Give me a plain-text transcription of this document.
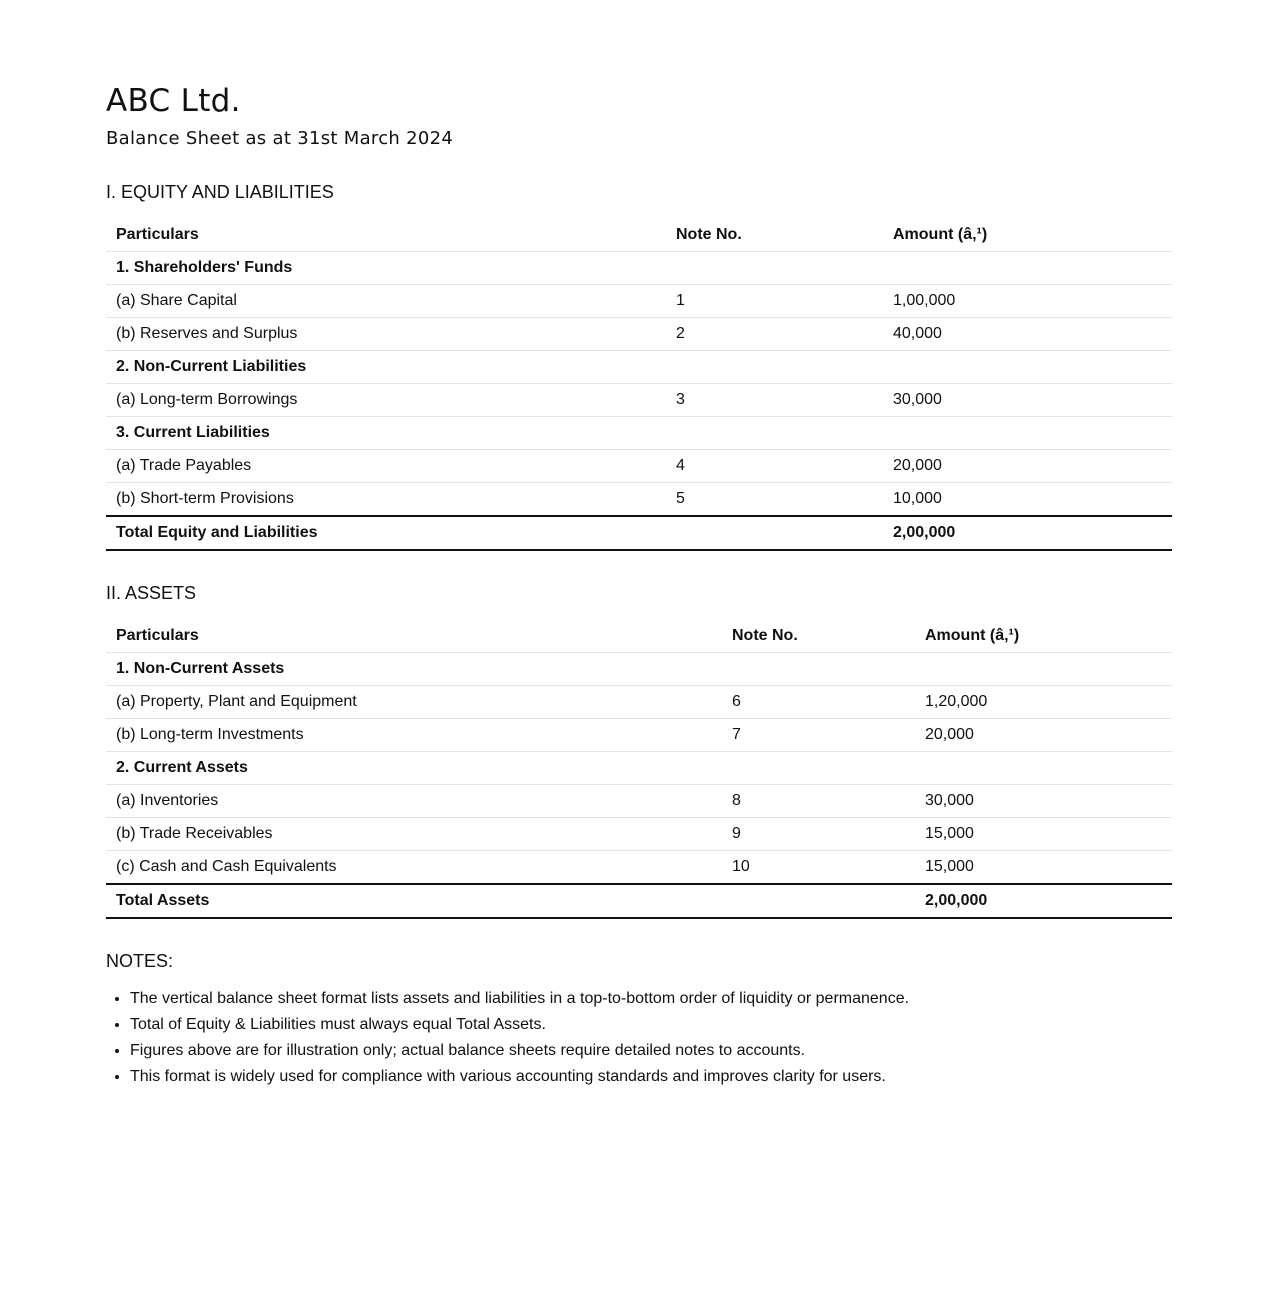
ABC Ltd.
Balance Sheet as at 31st March 2024
I. EQUITY AND LIABILITIES
Particulars	Note No.	Amount (â‚¹)
1. Shareholders' Funds		
(a) Share Capital	1	1,00,000
(b) Reserves and Surplus	2	40,000
2. Non-Current Liabilities		
(a) Long-term Borrowings	3	30,000
3. Current Liabilities		
(a) Trade Payables	4	20,000
(b) Short-term Provisions	5	10,000
Total Equity and Liabilities		2,00,000
II. ASSETS
Particulars	Note No.	Amount (â‚¹)
1. Non-Current Assets		
(a) Property, Plant and Equipment	6	1,20,000
(b) Long-term Investments	7	20,000
2. Current Assets		
(a) Inventories	8	30,000
(b) Trade Receivables	9	15,000
(c) Cash and Cash Equivalents	10	15,000
Total Assets		2,00,000
NOTES:
• The vertical balance sheet format lists assets and liabilities in a top-to-bottom order of liquidity or permanence.
• Total of Equity & Liabilities must always equal Total Assets.
• Figures above are for illustration only; actual balance sheets require detailed notes to accounts.
• This format is widely used for compliance with various accounting standards and improves clarity for users.
